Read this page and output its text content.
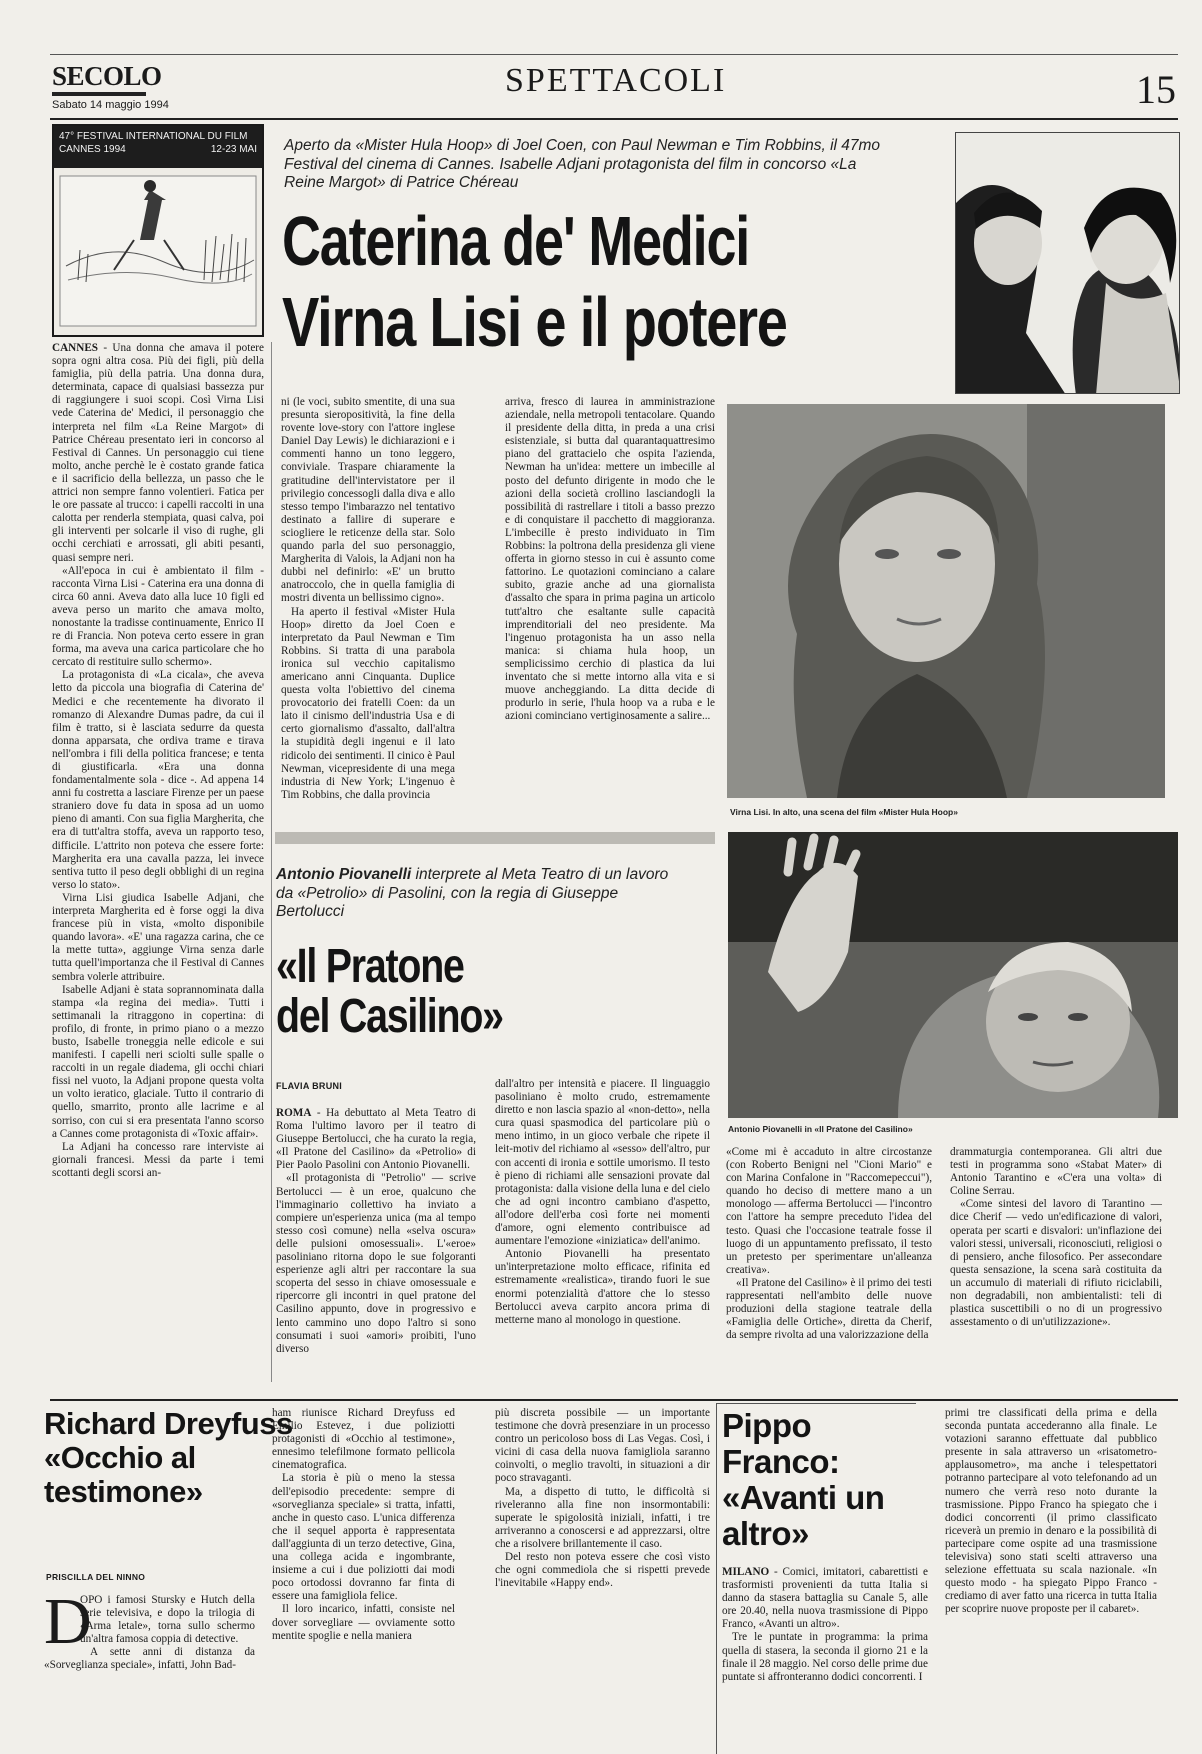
SECOLO
Sabato 14 maggio 1994
SPETTACOLI	15
47° FESTIVAL INTERNATIONAL DU FILM
CANNES 1994	12-23 MAI Aperto da «Mister Hula Hoop» di Joel Coen, con Paul Newman e Tim Robbins, il 47mo Festival del cinema di Cannes. Isabelle Adjani protagonista del film in concorso «La Reine Margot» di Patrice Chéreau
Caterina de' Medici
Virna Lisi e il potere

CANNES - Una donna che amava il potere sopra ogni altra cosa. Più dei figli, più della famiglia, più della patria. Una donna dura, determinata, capace di qualsiasi bassezza pur di raggiungere i suoi scopi. Così Virna Lisi vede Caterina de' Medici, il personaggio che interpreta nel film «La Reine Margot» di Patrice Chéreau presentato ieri in concorso al Festival di Cannes. Un personaggio cui tiene molto, anche perchè le è costato grande fatica e il sacrificio della bellezza, un passo che le attrici non sempre fanno volentieri. Fatica per le ore passate al trucco: i capelli raccolti in una calotta per renderla stempiata, quasi calva, poi gli interventi per solcarle il viso di rughe, gli occhi cerchiati e arrossati, gli abiti pesanti, quasi sempre neri.

«All'epoca in cui è ambientato il film - racconta Virna Lisi - Caterina era una donna di circa 60 anni. Aveva dato alla luce 10 figli ed aveva perso un marito che amava molto, nonostante la tradisse continuamente, Enrico II re di Francia. Non poteva certo essere in gran forma, ma aveva una carica particolare che ho cercato di restituire sullo schermo».

La protagonista di «La cicala», che aveva letto da piccola una biografia di Caterina de' Medici e che recentemente ha divorato il romanzo di Alexandre Dumas padre, da cui il film è tratto, si è lasciata sedurre da questa donna apparsata, che ordiva trame e tirava nell'ombra i fili della politica francese; e tenta di giustificarla. «Era una donna fondamentalmente sola - dice -. Ad appena 14 anni fu costretta a lasciare Firenze per un paese straniero dove fu data in sposa ad un uomo pieno di amanti. Con sua figlia Margherita, che era di tutt'altra stoffa, aveva un rapporto teso, difficile. L'attrito non poteva che essere forte: Margherita era una cavalla pazza, lei invece sentiva tutto il peso degli obblighi di un regina verso lo stato».

Virna Lisi giudica Isabelle Adjani, che interpreta Margherita ed è forse oggi la diva francese più in vista, «molto disponibile quando lavora». «E' una ragazza carina, che ce la mette tutta», aggiunge Virna senza darle tutta quell'importanza che il Festival di Cannes sembra volerle attribuire.

Isabelle Adjani è stata soprannominata dalla stampa «la regina dei media». Tutti i settimanali la ritraggono in copertina: di profilo, di fronte, in primo piano o a mezzo busto, Isabelle troneggia nelle edicole e sui manifesti. I capelli neri sciolti sulle spalle o raccolti in un regale diadema, gli occhi chiari fissi nel vuoto, la Adjani propone questa volta un volto ieratico, glaciale. Tutto il contrario di quello, smarrito, pronto alle lacrime e al sorriso, con cui si era presentata l'anno scorso a Cannes come protagonista di «Toxic affair».

La Adjani ha concesso rare interviste ai giornali francesi. Messi da parte i temi scottanti degli scorsi an-

ni (le voci, subito smentite, di una sua presunta sieropositività, la fine della rovente love-story con l'attore inglese Daniel Day Lewis) le dichiarazioni e i commenti hanno un tono leggero, conviviale. Traspare chiaramente la gratitudine dell'intervistatore per il privilegio concessogli dalla diva e allo stesso tempo l'imbarazzo nel tentativo destinato a fallire di superare e sciogliere le reticenze della star. Solo quando parla del suo personaggio, Margherita di Valois, la Adjani non ha dubbi nel definirlo: «E' un brutto anatroccolo, che in quella famiglia di mostri diventa un bellissimo cigno».

Ha aperto il festival «Mister Hula Hoop» diretto da Joel Coen e interpretato da Paul Newman e Tim Robbins. Si tratta di una parabola ironica sul vecchio capitalismo americano anni Cinquanta. Duplice questa volta l'obiettivo del cinema provocatorio dei fratelli Coen: da un lato il cinismo dell'industria Usa e di certo giornalismo d'assalto, dall'altra la stupidità degli ingenui e il lato ridicolo dei sentimenti. Il cinico è Paul Newman, vicepresidente di una mega industria di New York; L'ingenuo è Tim Robbins, che dalla provincia

arriva, fresco di laurea in amministrazione aziendale, nella metropoli tentacolare. Quando il presidente della ditta, in preda a una crisi esistenziale, si butta dal quarantaquattresimo piano del grattacielo che ospita l'azienda, Newman ha un'idea: mettere un imbecille al posto del defunto dirigente in modo che le azioni della società crollino lasciandogli la possibilità di rastrellare i titoli a basso prezzo e di conquistare il pacchetto di maggioranza. L'imbecille è presto individuato in Tim Robbins: la poltrona della presidenza gli viene offerta in giorno stesso in cui è assunto come fattorino. Le quotazioni cominciano a calare subito, grazie anche ad una giornalista d'assalto che spara in prima pagina un articolo tutt'altro che esaltante sulle capacità imprenditoriali del neo presidente. Ma l'ingenuo protagonista ha un asso nella manica: si chiama hula hoop, un semplicissimo cerchio di plastica da lui inventato che si mette intorno alla vita e si muove ancheggiando. La ditta decide di produrlo in serie, l'hula hoop va a ruba e le azioni cominciano vertiginosamente a salire...

Virna Lisi. In alto, una scena del film «Mister Hula Hoop»
Antonio Piovanelli interprete al Meta Teatro di un lavoro da «Petrolio» di Pasolini, con la regia di Giuseppe Bertolucci
«Il Pratone
del Casilino»
Antonio Piovanelli in «Il Pratone del Casilino»
FLAVIA BRUNI

ROMA - Ha debuttato al Meta Teatro di Roma l'ultimo lavoro per il teatro di Giuseppe Bertolucci, che ha curato la regia, «Il Pratone del Casilino» da «Petrolio» di Pier Paolo Pasolini con Antonio Piovanelli.

«Il protagonista di "Petrolio" — scrive Bertolucci — è un eroe, qualcuno che l'immaginario collettivo ha inviato a compiere un'esperienza unica (ma al tempo stesso così comune) nella «selva oscura» delle pulsioni omosessuali». L'«eroe» pasoliniano ritorna dopo le sue folgoranti esperienze agli altri per raccontare la sua scoperta del sesso in chiave omosessuale e ripercorre gli incontri in quel pratone del Casilino appunto, dove in progressivo e lento cammino uno dopo l'altro si sono consumati i suoi «amori» proibiti, l'uno diverso

dall'altro per intensità e piacere. Il linguaggio pasoliniano è molto crudo, estremamente diretto e non lascia spazio al «non-detto», nella cura quasi spasmodica del particolare più o meno intimo, in un gioco verbale che ripete il leit-motiv del richiamo al «sesso» dell'altro, pur con accenti di ironia e sottile umorismo. Il testo è pieno di richiami alle sensazioni provate dal protagonista: dalla visione della luna e del cielo che ad ogni incontro cambiano d'aspetto, all'odore dell'erba così forte nei momenti d'amore, ogni elemento contribuisce ad aumentare l'emozione «iniziatica» dell'animo.

Antonio Piovanelli ha presentato un'interpretazione molto efficace, rifinita ed estremamente «realistica», tirando fuori le sue enormi potenzialità d'attore che lo stesso Bertolucci aveva carpito ancora prima di metterne mano al monologo in questione.

«Come mi è accaduto in altre circostanze (con Roberto Benigni nel "Cioni Mario" e con Marina Confalone in "Raccomepeccui"), quando ho deciso di mettere mano a un monologo — afferma Bertolucci — l'incontro con l'attore ha sempre preceduto l'idea del testo. Quasi che l'occasione teatrale fosse il luogo di un appuntamento prefissato, il testo un pretesto per sperimentare un'alleanza creativa».

«Il Pratone del Casilino» è il primo dei testi rappresentati nell'ambito delle nuove produzioni della stagione teatrale della «Famiglia delle Ortiche», diretta da Cherif, da sempre rivolta ad una valorizzazione della

drammaturgia contemporanea. Gli altri due testi in programma sono «Stabat Mater» di Antonio Tarantino e «C'era una volta» di Coline Serrau.

«Come sintesi del lavoro di Tarantino — dice Cherif — vedo un'edificazione di valori, operata per scarti e disvalori: un'inflazione dei valori stessi, universali, riconosciuti, religiosi o di pensiero, anche filosofico. Per assecondare questa sensazione, la scena sarà costituita da un accumulo di materiali di rifiuto riciclabili, non degradabili, non ambientalisti: teli di plastica suscettibili o no di un progressivo assestamento o di un'utilizzazione».

Richard Dreyfuss «Occhio al testimone»
PRISCILLA DEL NINNO
D

OPO i famosi Stursky e Hutch della serie televisiva, e dopo la trilogia di «Arma letale», torna sullo schermo un'altra famosa coppia di detective.

A sette anni di distanza da «Sorveglianza speciale», infatti, John Bad-

ham riunisce Richard Dreyfuss ed Emilio Estevez, i due poliziotti protagonisti di «Occhio al testimone», ennesimo telefilmone formato pellicola cinematografica.

La storia è più o meno la stessa dell'episodio precedente: sempre di «sorveglianza speciale» si tratta, infatti, anche in questo caso. L'unica differenza che il sequel apporta è rappresentata dall'aggiunta di un terzo detective, Gina, una collega acida e ingombrante, insieme a cui i due poliziotti dai modi poco ortodossi dovranno far finta di essere una famigliola felice.

Il loro incarico, infatti, consiste nel dover sorvegliare — ovviamente sotto mentite spoglie e nella maniera

più discreta possibile — un importante testimone che dovrà presenziare in un processo contro un pericoloso boss di Las Vegas. Così, i vicini di casa della nuova famigliola saranno coinvolti, o meglio travolti, in situazioni a dir poco stravaganti.

Ma, a dispetto di tutto, le difficoltà si riveleranno alla fine non insormontabili: superate le spigolosità iniziali, infatti, i tre arriveranno a conoscersi e ad apprezzarsi, oltre che a risolvere brillantemente il caso.

Del resto non poteva essere che così visto che ogni commediola che si rispetti prevede l'inevitabile «Happy end».

Pippo Franco: «Avanti un altro»

MILANO - Comici, imitatori, cabarettisti e trasformisti provenienti da tutta Italia si danno da stasera battaglia su Canale 5, alle ore 20.40, nella nuova trasmissione di Pippo Franco, «Avanti un altro».

Tre le puntate in programma: la prima quella di stasera, la seconda il giorno 21 e la finale il 28 maggio. Nel corso delle prime due puntate si affronteranno dodici concorrenti. I

primi tre classificati della prima e della seconda puntata accederanno alla finale. Le votazioni saranno effettuate dal pubblico presente in sala attraverso un «risatometro-applausometro», ma anche i telespettatori potranno partecipare al voto telefonando ad un numero che verrà reso noto durante la trasmissione. Pippo Franco ha spiegato che i dodici concorrenti (il primo classificato riceverà un premio in denaro e la possibilità di partecipare come ospite ad una trasmissione televisiva) sono stati scelti attraverso una selezione effettuata su scala nazionale. «In questo modo - ha spiegato Pippo Franco - crediamo di aver fatto una ricerca in tutta Italia per scoprire nuove proposte per il cabaret».
